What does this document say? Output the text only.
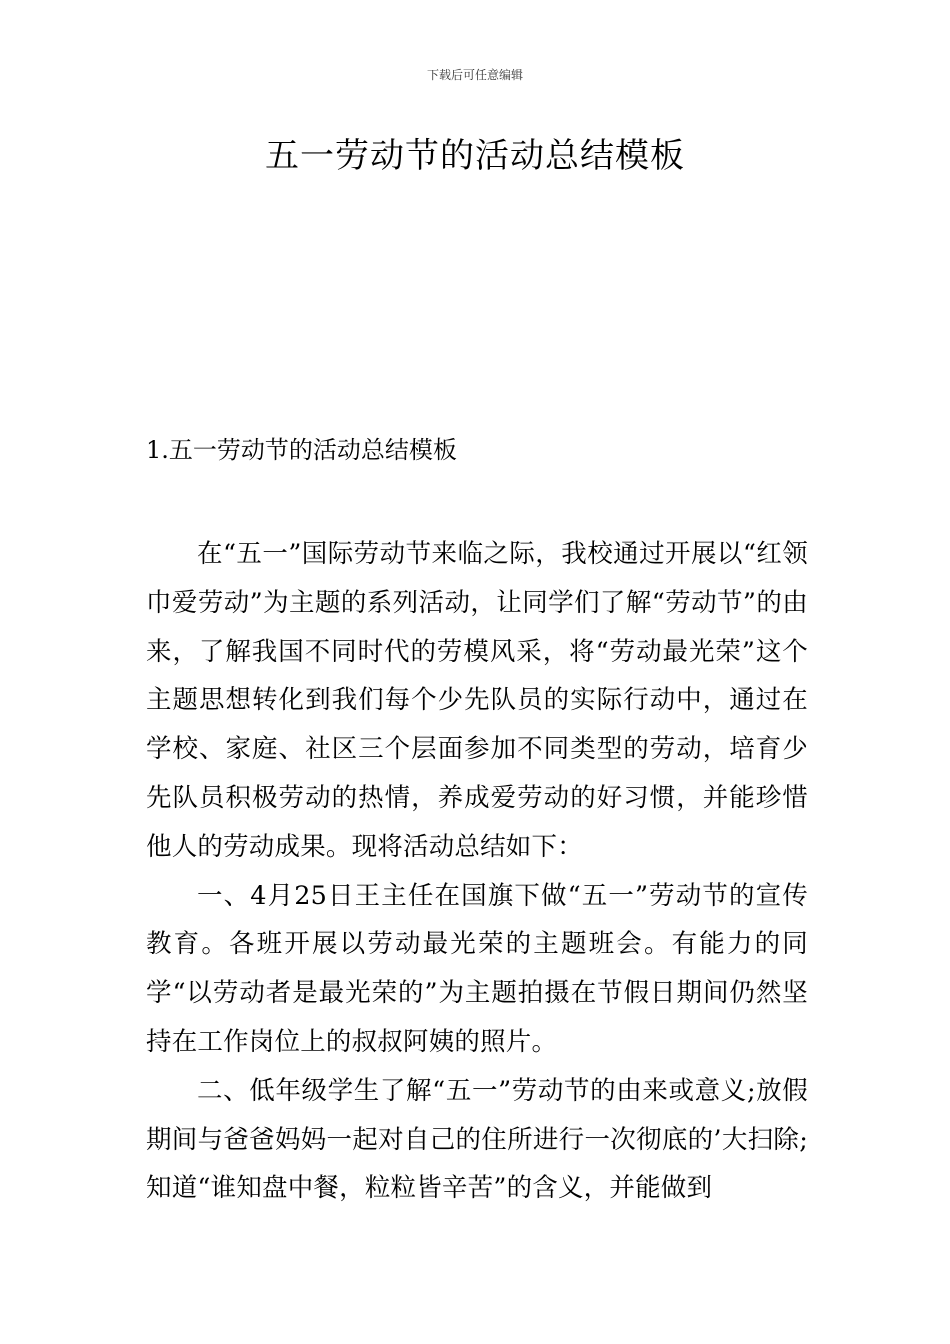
下载后可任意编辑
五一劳动节的活动总结模板
1.五一劳动节的活动总结模板

在“五一”国际劳动节来临之际，我校通过开展以“红领巾爱劳动”为主题的系列活动，让同学们了解“劳动节”的由来，了解我国不同时代的劳模风采，将“劳动最光荣”这个主题思想转化到我们每个少先队员的实际行动中，通过在学校、家庭、社区三个层面参加不同类型的劳动，培育少先队员积极劳动的热情，养成爱劳动的好习惯，并能珍惜他人的劳动成果。现将活动总结如下：

一、4月25日王主任在国旗下做“五一”劳动节的宣传教育。各班开展以劳动最光荣的主题班会。有能力的同学“以劳动者是最光荣的”为主题拍摄在节假日期间仍然坚持在工作岗位上的叔叔阿姨的照片。

二、低年级学生了解“五一”劳动节的由来或意义;放假期间与爸爸妈妈一起对自己的住所进行一次彻底的’大扫除;知道“谁知盘中餐，粒粒皆辛苦”的含义，并能做到
